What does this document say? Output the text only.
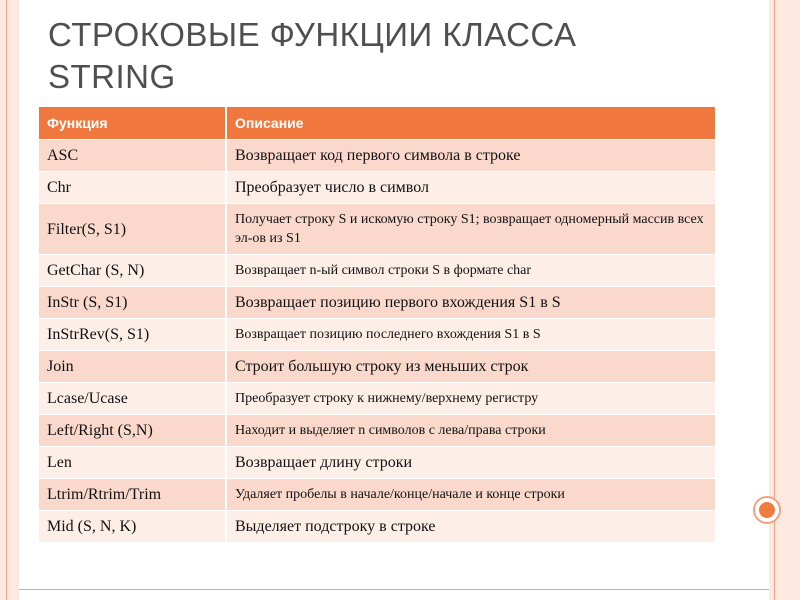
СТРОКОВЫЕ ФУНКЦИИ КЛАССА
STRING
Функция	Описание
ASC	Возвращает код первого символа в строке
Chr	Преобразует число в символ
Filter(S, S1)	Получает строку S и искомую строку S1; возвращает одномерный массив всех эл-ов из S1
GetChar (S, N)	Возвращает n-ый символ строки S в формате char
InStr (S, S1)	Возвращает позицию первого вхождения S1 в S
InStrRev(S, S1)	Возвращает позицию последнего вхождения S1 в S
Join	Строит большую строку из меньших строк
Lcase/Ucase	Преобразует строку к нижнему/верхнему регистру
Left/Right (S,N)	Находит и выделяет n символов с лева/права строки
Len	Возвращает длину строки
Ltrim/Rtrim/Trim	Удаляет пробелы в начале/конце/начале и конце строки
Mid (S, N, K)	Выделяет подстроку в строке
